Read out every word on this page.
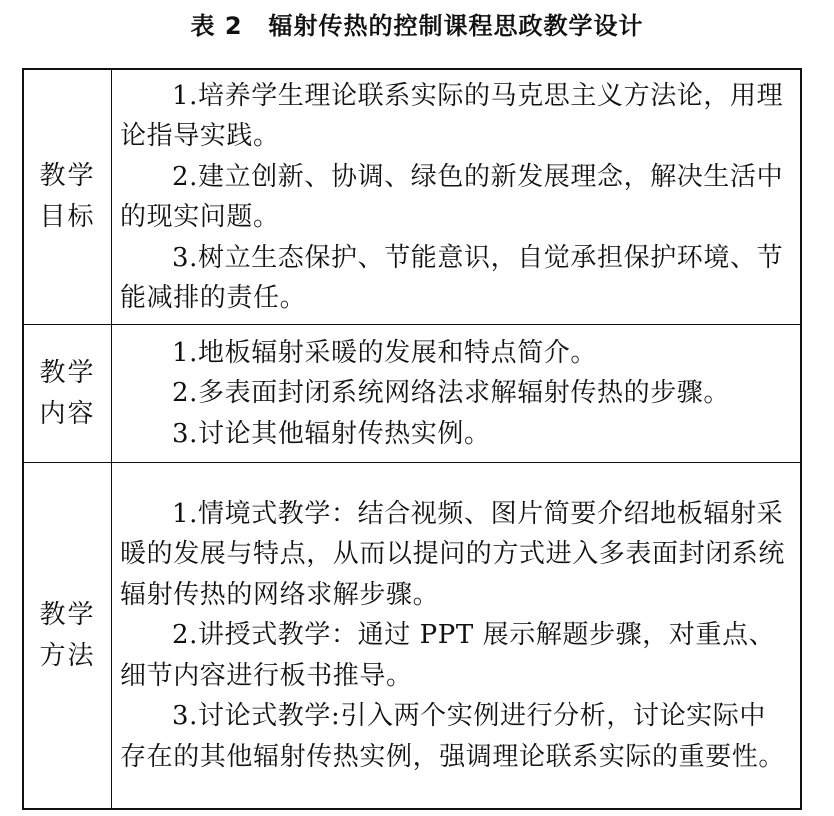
表 2 辐射传热的控制课程思政教学设计
教学目标

1.培养学生理论联系实际的马克思主义方法论，用理论指导实践。

2.建立创新、协调、绿色的新发展理念，解决生活中的现实问题。

3.树立生态保护、节能意识，自觉承担保护环境、节能减排的责任。

教学内容

1.地板辐射采暖的发展和特点简介。

2.多表面封闭系统网络法求解辐射传热的步骤。

3.讨论其他辐射传热实例。

教学方法

1.情境式教学：结合视频、图片简要介绍地板辐射采暖的发展与特点，从而以提问的方式进入多表面封闭系统辐射传热的网络求解步骤。

2.讲授式教学：通过 PPT 展示解题步骤，对重点、细节内容进行板书推导。

3.讨论式教学:引入两个实例进行分析，讨论实际中存在的其他辐射传热实例，强调理论联系实际的重要性。
